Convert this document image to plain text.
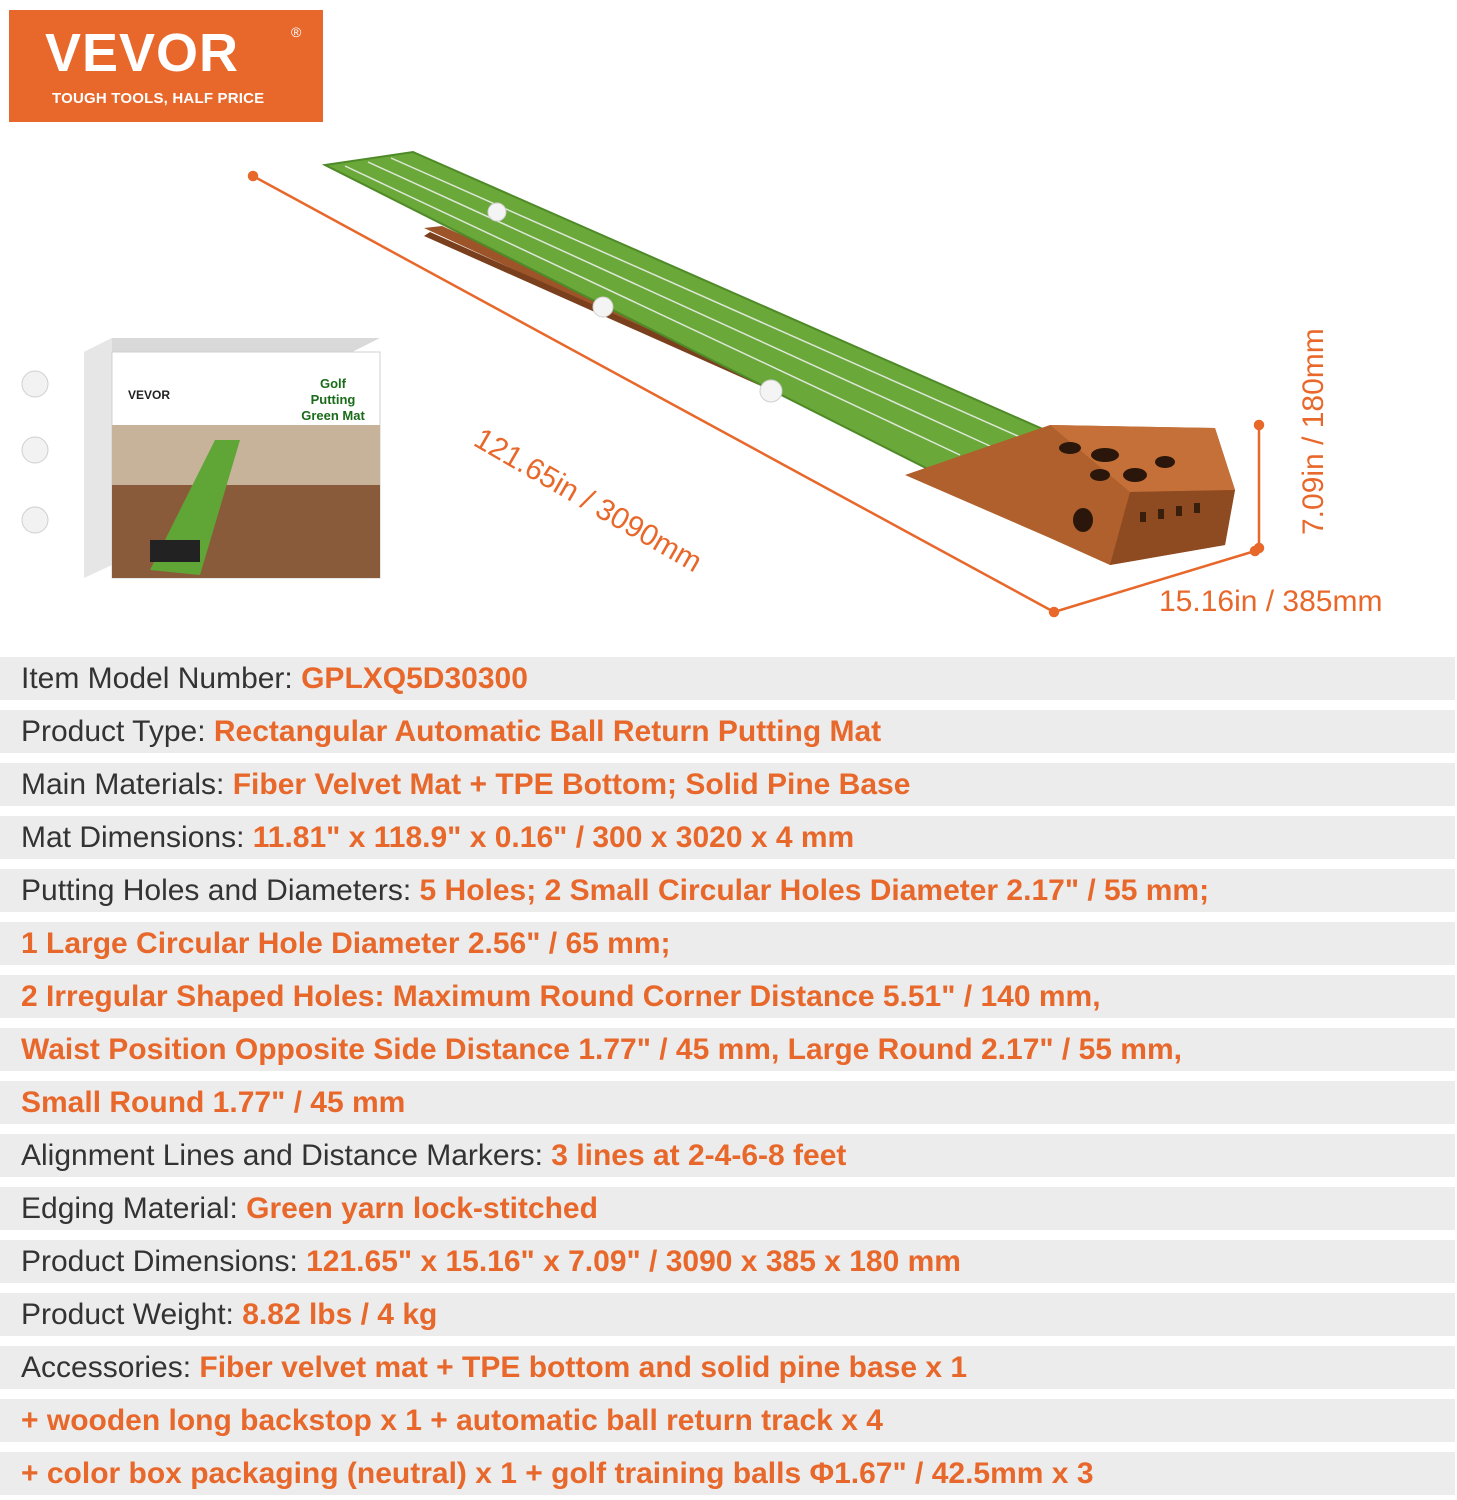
VEVOR	®
TOUGH TOOLS, HALF PRICE
VEVOR
Golf Putting
Green Mat
121.65in / 3090mm	7.09in / 180mm
15.16in / 385mm
Item Model Number: GPLXQ5D30300
Product Type: Rectangular Automatic Ball Return Putting Mat
Main Materials: Fiber Velvet Mat + TPE Bottom; Solid Pine Base
Mat Dimensions: 11.81" x 118.9" x 0.16" / 300 x 3020 x 4 mm
Putting Holes and Diameters: 5 Holes; 2 Small Circular Holes Diameter 2.17" / 55 mm;
1 Large Circular Hole Diameter 2.56" / 65 mm;
2 Irregular Shaped Holes: Maximum Round Corner Distance 5.51" / 140 mm,
Waist Position Opposite Side Distance 1.77" / 45 mm, Large Round 2.17" / 55 mm,
Small Round 1.77" / 45 mm
Alignment Lines and Distance Markers: 3 lines at 2-4-6-8 feet
Edging Material: Green yarn lock-stitched
Product Dimensions: 121.65" x 15.16" x 7.09" / 3090 x 385 x 180 mm
Product Weight: 8.82 lbs / 4 kg
Accessories: Fiber velvet mat + TPE bottom and solid pine base x 1
+ wooden long backstop x 1 + automatic ball return track x 4
+ color box packaging (neutral) x 1 + golf training balls Φ1.67" / 42.5mm x 3
